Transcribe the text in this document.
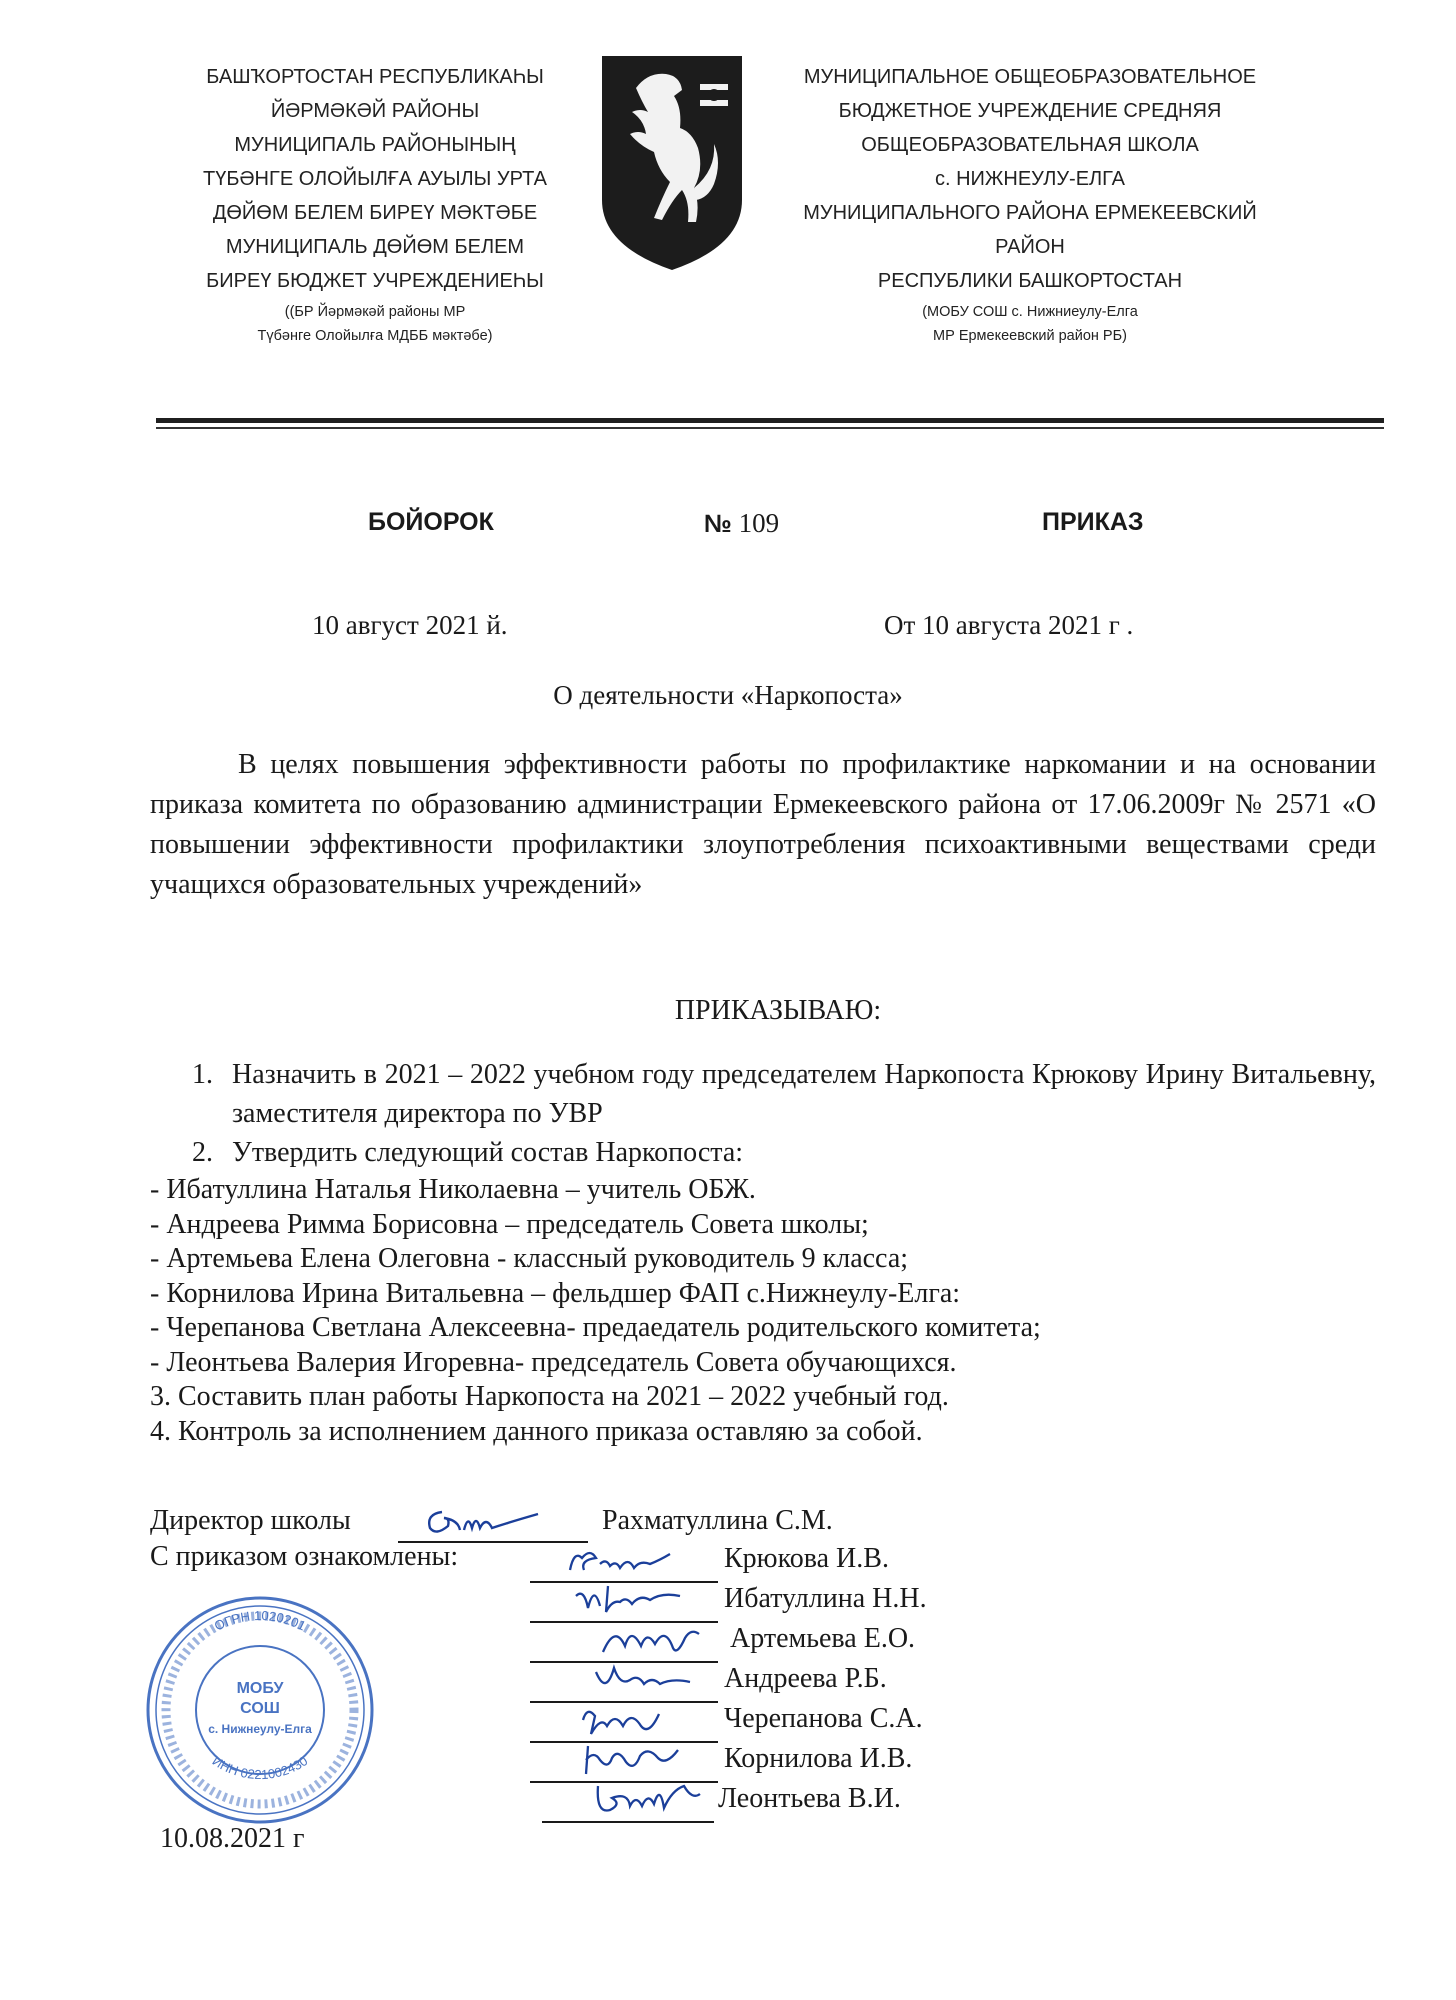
БАШҠОРТОСТАН РЕСПУБЛИКАҺЫ
ЙӘРМӘКӘЙ РАЙОНЫ
МУНИЦИПАЛЬ РАЙОНЫНЫҢ
ТҮБӘНГЕ ОЛОЙЫЛҒА АУЫЛЫ УРТА
ДӨЙӨМ БЕЛЕМ БИРЕҮ МӘКТӘБЕ
МУНИЦИПАЛЬ ДӨЙӨМ БЕЛЕМ
БИРЕҮ БЮДЖЕТ УЧРЕЖДЕНИЕҺЫ
((БР Йәрмәкәй районы МР
Түбәнге Олойылға МДББ мәктәбе)
МУНИЦИПАЛЬНОЕ ОБЩЕОБРАЗОВАТЕЛЬНОЕ
БЮДЖЕТНОЕ УЧРЕЖДЕНИЕ СРЕДНЯЯ
ОБЩЕОБРАЗОВАТЕЛЬНАЯ ШКОЛА
с. НИЖНЕУЛУ-ЕЛГА
МУНИЦИПАЛЬНОГО РАЙОНА ЕРМЕКЕЕВСКИЙ
РАЙОН
РЕСПУБЛИКИ БАШКОРТОСТАН
(МОБУ СОШ с. Нижниеулу-Елга
МР Ермекеевский район РБ)
БОЙОРОК	№ 109	ПРИКАЗ
10 август 2021 й.	От 10 августа 2021 г .
О деятельности «Наркопоста»
В целях повышения эффективности работы по профилактике наркомании и на основании приказа комитета по образованию администрации Ермекеевского района от 17.06.2009г № 2571 «О повышении эффективности профилактики злоупотребления психоактивными веществами среди учащихся образовательных учреждений»
ПРИКАЗЫВАЮ:
1. Назначить в 2021 – 2022 учебном году председателем Наркопоста Крюкову Ирину Витальевну, заместителя директора по УВР
2. Утвердить следующий состав Наркопоста:
- Ибатуллина Наталья Николаевна – учитель ОБЖ.
- Андреева Римма Борисовна – председатель Совета школы;
- Артемьева Елена Олеговна - классный руководитель 9 класса;
- Корнилова Ирина Витальевна – фельдшер ФАП с.Нижнеулу-Елга:
- Черепанова Светлана Алексеевна- предаедатель родительского комитета;
- Леонтьева Валерия Игоревна- председатель Совета обучающихся.
3. Составить план работы Наркопоста на 2021 – 2022 учебный год.
4. Контроль за исполнением данного приказа оставляю за собой.
ОГРН 1020201
ИНН 0221002430
МОБУ
СОШ
с. Нижнеулу-Елга
Директор школы	Рахматуллина С.М.
С приказом ознакомлены:	Крюкова И.В.
Ибатуллина Н.Н.
Артемьева Е.О.
Андреева Р.Б.
Черепанова С.А.
Корнилова И.В.
Леонтьева В.И.
10.08.2021 г
